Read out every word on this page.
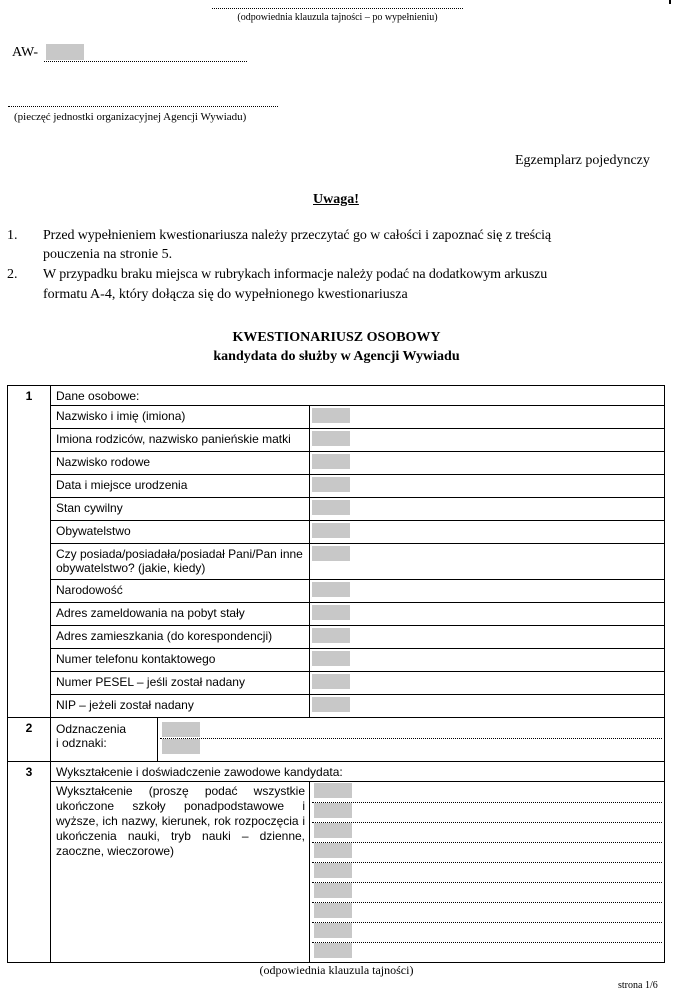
(odpowiednia klauzula tajności – po wypełnieniu)
AW-
(pieczęć jednostki organizacyjnej Agencji Wywiadu)
Egzemplarz pojedynczy
Uwaga!
1. Przed wypełnieniem kwestionariusza należy przeczytać go w całości i zapoznać się z treścią
pouczenia na stronie 5.
2. W przypadku braku miejsca w rubrykach informacje należy podać na dodatkowym arkuszu
formatu A-4, który dołącza się do wypełnionego kwestionariusza
KWESTIONARIUSZ OSOBOWY
kandydata do służby w Agencji Wywiadu
1	Dane osobowe:		
	Nazwisko i imię (imiona)		
	Imiona rodziców, nazwisko panieńskie matki		
	Nazwisko rodowe		
	Data i miejsce urodzenia		
	Stan cywilny		
	Obywatelstwo		
	Czy posiada/posiadała/posiadał Pani/Pan inne obywatelstwo? (jakie, kiedy)		
	Narodowość		
	Adres zameldowania na pobyt stały		
	Adres zamieszkania (do korespondencji)		
	Numer telefonu kontaktowego		
	Numer PESEL – jeśli został nadany		
	NIP – jeżeli został nadany		
2	Odznaczenia
i odznaki:		

3	Wykształcenie i doświadczenie zawodowe kandydata:		
	Wykształcenie (proszę podać wszystkie ukończone szkoły ponadpodstawowe i wyższe, ich nazwy, kierunek, rok rozpoczęcia i ukończenia nauki, tryb nauki – dzienne, zaoczne, wieczorowe)		
(odpowiednia klauzula tajności)
strona 1/6
